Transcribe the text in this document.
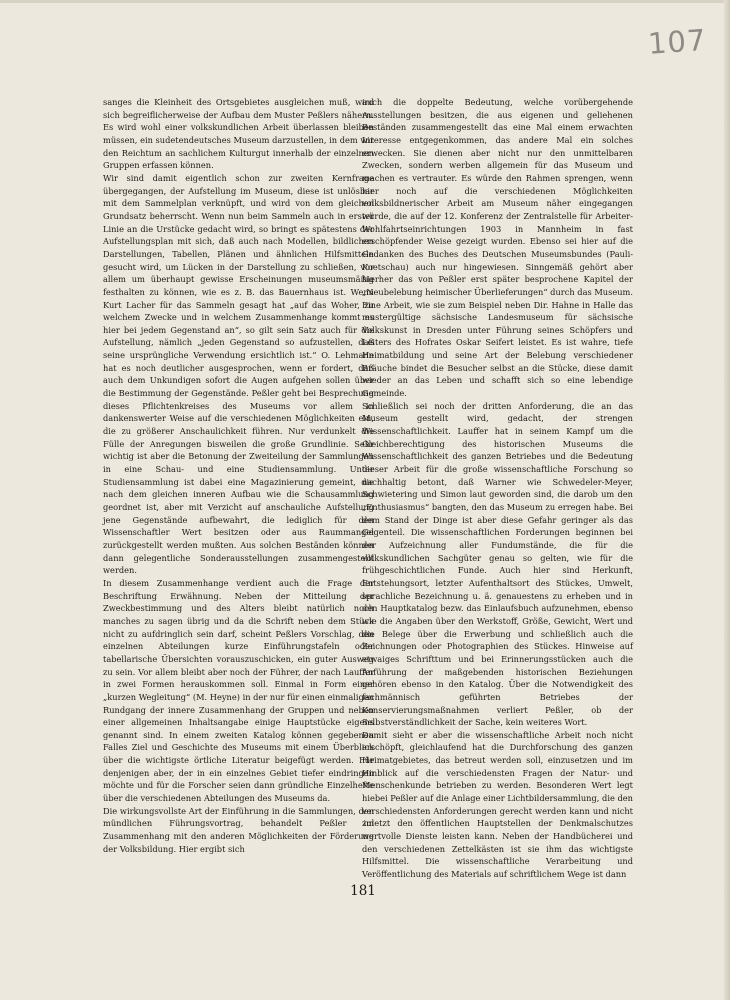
107

sanges die Kleinheit des Ortsgebietes ausgleichen muß, wird sich begreiflicherweise der Aufbau dem Muster Peßlers nähern. Es wird wohl einer volkskundlichen Arbeit überlassen bleiben müssen, ein sudetendeutsches Museum darzustellen, in dem wir den Reichtum an sachlichem Kulturgut innerhalb der einzelnen Gruppen erfassen können.

Wir sind damit eigentlich schon zur zweiten Kernfrage übergegangen, der Aufstellung im Museum, diese ist unlösbar mit dem Sammelplan verknüpft, und wird von dem gleichen Grundsatz beherrscht. Wenn nun beim Sammeln auch in erster Linie an die Urstücke gedacht wird, so bringt es spätestens der Aufstellungsplan mit sich, daß auch nach Modellen, bildlichen Darstellungen, Tabellen, Plänen und ähnlichen Hilfsmitteln gesucht wird, um Lücken in der Darstellung zu schließen, vor allem um überhaupt gewisse Erscheinungen museumsmäßig festhalten zu können, wie es z. B. das Bauernhaus ist. Wenn Kurt Lacher für das Sammeln gesagt hat „auf das Woher, zu welchem Zwecke und in welchem Zusammenhange kommt es hier bei jedem Gegenstand an“, so gilt sein Satz auch für die Aufstellung, nämlich „jeden Gegenstand so aufzustellen, daß seine ursprüngliche Verwendung ersichtlich ist.“ O. Lehmann hat es noch deutlicher ausgesprochen, wenn er fordert, daß auch dem Unkundigen sofort die Augen aufgehen sollen über die Bestimmung der Gegenstände. Peßler geht bei Besprechung dieses Pflichtenkreises des Museums vor allem in dankenswerter Weise auf die verschiedenen Möglichkeiten ein, die zu größerer Anschaulichkeit führen. Nur verdunkelt die Fülle der Anregungen bisweilen die große Grundlinie. Sehr wichtig ist aber die Betonung der Zweiteilung der Sammlungen in eine Schau- und eine Studiensammlung. Unter Studiensammlung ist dabei eine Magazinierung gemeint, die nach dem gleichen inneren Aufbau wie die Schausammlung geordnet ist, aber mit Verzicht auf anschauliche Aufstellung jene Gegenstände aufbewahrt, die lediglich für den Wissenschaftler Wert besitzen oder aus Raummangel zurückgestellt werden mußten. Aus solchen Beständen können dann gelegentliche Sonderausstellungen zusammengestellt werden.

In diesem Zusammenhange verdient auch die Frage der Beschriftung Erwähnung. Neben der Mitteilung der Zweckbestimmung und des Alters bleibt natürlich noch manches zu sagen übrig und da die Schrift neben dem Stück nicht zu aufdringlich sein darf, scheint Peßlers Vorschlag, den einzelnen Abteilungen kurze Einführungstafeln oder tabellarische Übersichten vorauszuschicken, ein guter Ausweg zu sein. Vor allem bleibt aber noch der Führer, der nach Lauffer in zwei Formen herauskommen soll. Einmal in Form einer „kurzen Wegleitung“ (M. Heyne) in der nur für einen einmaligen Rundgang der innere Zusammenhang der Gruppen und neben einer allgemeinen Inhaltsangabe einige Hauptstücke eigens genannt sind. In einem zweiten Katalog können gegebenen Falles Ziel und Geschichte des Museums mit einem Überblick über die wichtigste örtliche Literatur beigefügt werden. Für denjenigen aber, der in ein einzelnes Gebiet tiefer eindringen möchte und für die Forscher seien dann gründliche Einzelhefte über die verschiedenen Abteilungen des Museums da.

Die wirkungsvollste Art der Einführung in die Sammlungen, den mündlichen Führungsvortrag, behandelt Peßler im Zusammenhang mit den anderen Möglichkeiten der Förderung der Volksbildung. Hier ergibt sich

auch die doppelte Bedeutung, welche vorübergehende Ausstellungen besitzen, die aus eigenen und geliehenen Beständen zusammengestellt das eine Mal einem erwachten Interesse entgegenkommen, das andere Mal ein solches erwecken. Sie dienen aber nicht nur den unmittelbaren Zwecken, sondern werben allgemein für das Museum und machen es vertrauter. Es würde den Rahmen sprengen, wenn hier noch auf die verschiedenen Möglichkeiten volksbildnerischer Arbeit am Museum näher eingegangen würde, die auf der 12. Konferenz der Zentralstelle für Arbeiter-Wohlfahrtseinrichtungen 1903 in Mannheim in fast erschöpfender Weise gezeigt wurden. Ebenso sei hier auf die Gedanken des Buches des Deutschen Museumsbundes (Pauli-Koetschau) auch nur hingewiesen. Sinngemäß gehört aber hierher das von Peßler erst später besprochene Kapitel der „Neubelebung heimischer Überlieferungen“ durch das Museum. Eine Arbeit, wie sie zum Beispiel neben Dir. Hahne in Halle das mustergültige sächsische Landesmuseum für sächsische Volkskunst in Dresden unter Führung seines Schöpfers und Leiters des Hofrates Oskar Seifert leistet. Es ist wahre, tiefe Heimatbildung und seine Art der Belebung verschiedener Bräuche bindet die Besucher selbst an die Stücke, diese damit wieder an das Leben und schafft sich so eine lebendige Gemeinde.

Schließlich sei noch der dritten Anforderung, die an das Museum gestellt wird, gedacht, der strengen Wissenschaftlichkeit. Lauffer hat in seinem Kampf um die Gleichberechtigung des historischen Museums die Wissenschaftlichkeit des ganzen Betriebes und die Bedeutung dieser Arbeit für die große wissenschaftliche Forschung so nachhaltig betont, daß Warner wie Schwedeler-Meyer, Schwietering und Simon laut geworden sind, die darob um den „Enthusiasmus“ bangten, den das Museum zu erregen habe. Bei dem Stand der Dinge ist aber diese Gefahr geringer als das Gegenteil. Die wissenschaftlichen Forderungen beginnen bei der Aufzeichnung aller Fundumstände, die für die volkskundlichen Sachgüter genau so gelten, wie für die frühgeschichtlichen Funde. Auch hier sind Herkunft, Entstehungsort, letzter Aufenthaltsort des Stückes, Umwelt, sprachliche Bezeichnung u. ä. genauestens zu erheben und in den Hauptkatalog bezw. das Einlaufsbuch aufzunehmen, ebenso wie die Angaben über den Werkstoff, Größe, Gewicht, Wert und die Belege über die Erwerbung und schließlich auch die Zeichnungen oder Photographien des Stückes. Hinweise auf etwaiges Schrifttum und bei Erinnerungsstücken auch die Anführung der maßgebenden historischen Beziehungen gehören ebenso in den Katalog. Über die Notwendigkeit des fachmännisch geführten Betriebes der Konservierungsmaßnahmen verliert Peßler, ob der Selbstverständlichkeit der Sache, kein weiteres Wort.

Damit sieht er aber die wissenschaftliche Arbeit noch nicht erschöpft, gleichlaufend hat die Durchforschung des ganzen Heimatgebietes, das betreut werden soll, einzusetzen und im Hinblick auf die verschiedensten Fragen der Natur- und Menschenkunde betrieben zu werden. Besonderen Wert legt hiebei Peßler auf die Anlage einer Lichtbildersammlung, die den verschiedensten Anforderungen gerecht werden kann und nicht zuletzt den öffentlichen Hauptstellen der Denkmalschutzes wertvolle Dienste leisten kann. Neben der Handbücherei und den verschiedenen Zettelkästen ist sie ihm das wichtigste Hilfsmittel. Die wissenschaftliche Verarbeitung und Veröffentlichung des Materials auf schriftlichem Wege ist dann

181
